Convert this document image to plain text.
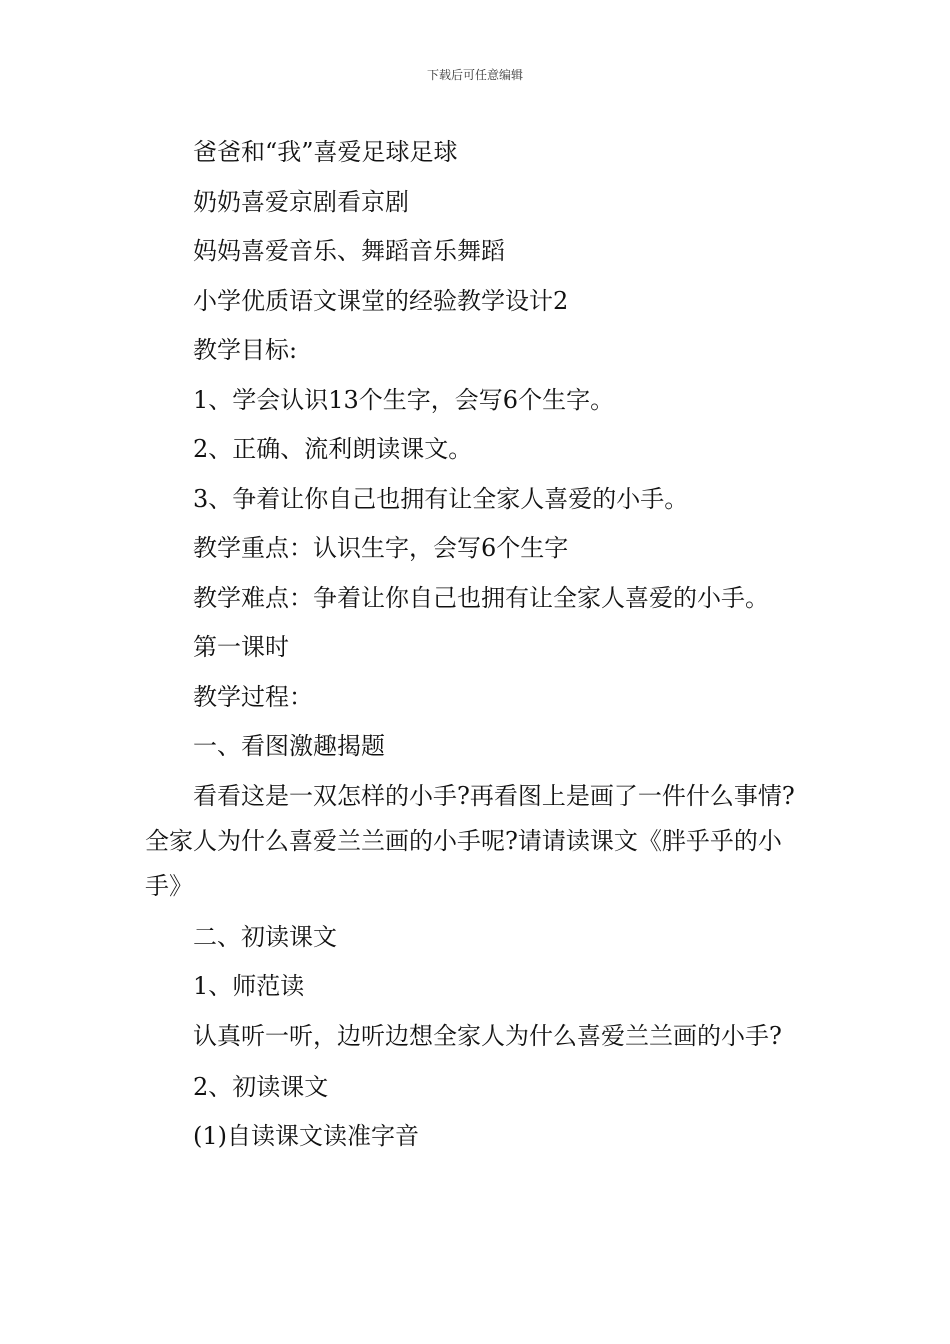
下载后可任意编辑

爸爸和“我”喜爱足球足球

奶奶喜爱京剧看京剧

妈妈喜爱音乐、舞蹈音乐舞蹈

小学优质语文课堂的经验教学设计2

教学目标:

1、学会认识13个生字，会写6个生字。

2、正确、流利朗读课文。

3、争着让你自己也拥有让全家人喜爱的小手。

教学重点：认识生字，会写6个生字

教学难点：争着让你自己也拥有让全家人喜爱的小手。

第一课时

教学过程：

一、看图激趣揭题

看看这是一双怎样的小手?再看图上是画了一件什么事情?全家人为什么喜爱兰兰画的小手呢?请请读课文《胖乎乎的小手》

二、初读课文

1、师范读

认真听一听，边听边想全家人为什么喜爱兰兰画的小手?

2、初读课文

(1)自读课文读准字音
